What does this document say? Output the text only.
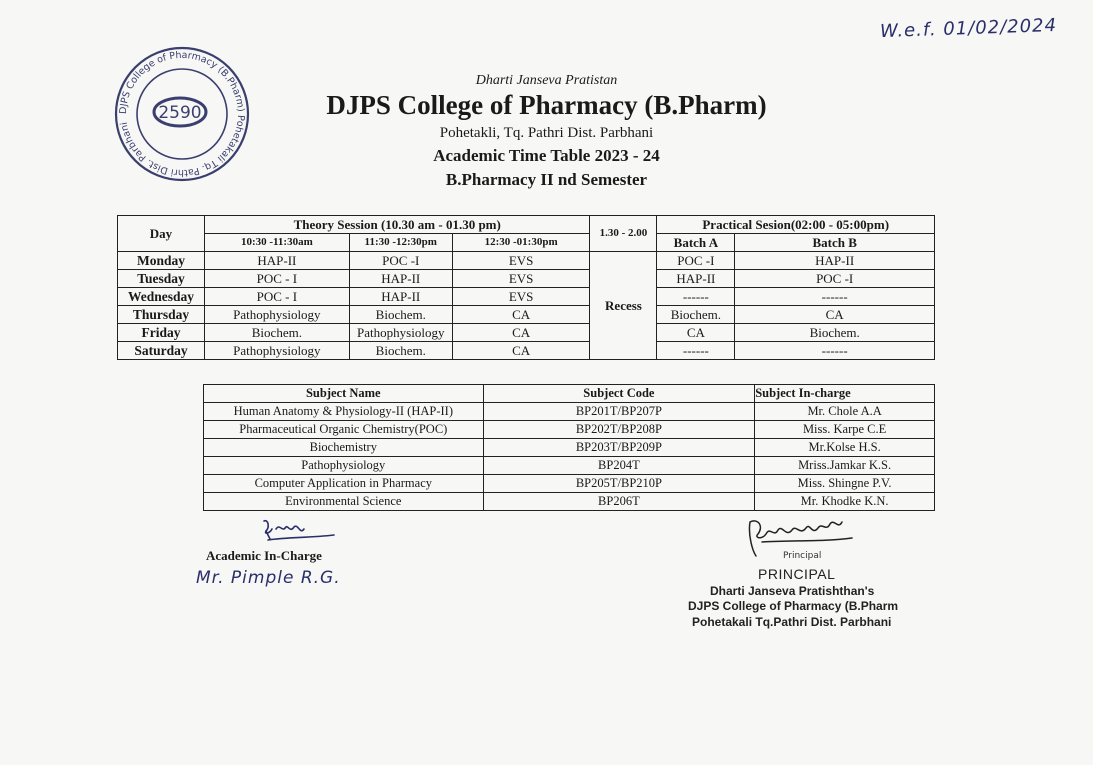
DJPS College of Pharmacy (B.Pharm) Pohetakali Tq. Pathri Dist. Parbhani
2590
W.e.f. 01/02/2024
Dharti Janseva Pratistan
DJPS College of Pharmacy (B.Pharm)
Pohetakli, Tq. Pathri Dist. Parbhani
Academic Time Table 2023 - 24
B.Pharmacy II nd Semester
Day	Theory Session (10.30 am - 01.30 pm)			1.30 - 2.00	Practical Sesion(02:00 - 05:00pm)	
	10:30 -11:30am	11:30 -12:30pm	12:30 -01:30pm		Batch A	Batch B
Monday	HAP-II	POC -I	EVS	Recess	POC -I	HAP-II
Tuesday	POC - I	HAP-II	EVS		HAP-II	POC -I
Wednesday	POC - I	HAP-II	EVS		------	------
Thursday	Pathophysiology	Biochem.	CA		Biochem.	CA
Friday	Biochem.	Pathophysiology	CA		CA	Biochem.
Saturday	Pathophysiology	Biochem.	CA		------	------
Subject Name	Subject Code	Subject In-charge
Human Anatomy & Physiology-II (HAP-II)	BP201T/BP207P	Mr. Chole A.A
Pharmaceutical Organic Chemistry(POC)	BP202T/BP208P	Miss. Karpe C.E
Biochemistry	BP203T/BP209P	Mr.Kolse H.S.
Pathophysiology	BP204T	Mriss.Jamkar K.S.
Computer Application in Pharmacy	BP205T/BP210P	Miss. Shingne P.V.
Environmental Science	BP206T	Mr. Khodke K.N.
Academic In-Charge
Mr. Pimple R.G.
Principal
PRINCIPAL
Dharti Janseva Pratishthan's
DJPS College of Pharmacy (B.Pharm
Pohetakali Tq.Pathri Dist. Parbhani
